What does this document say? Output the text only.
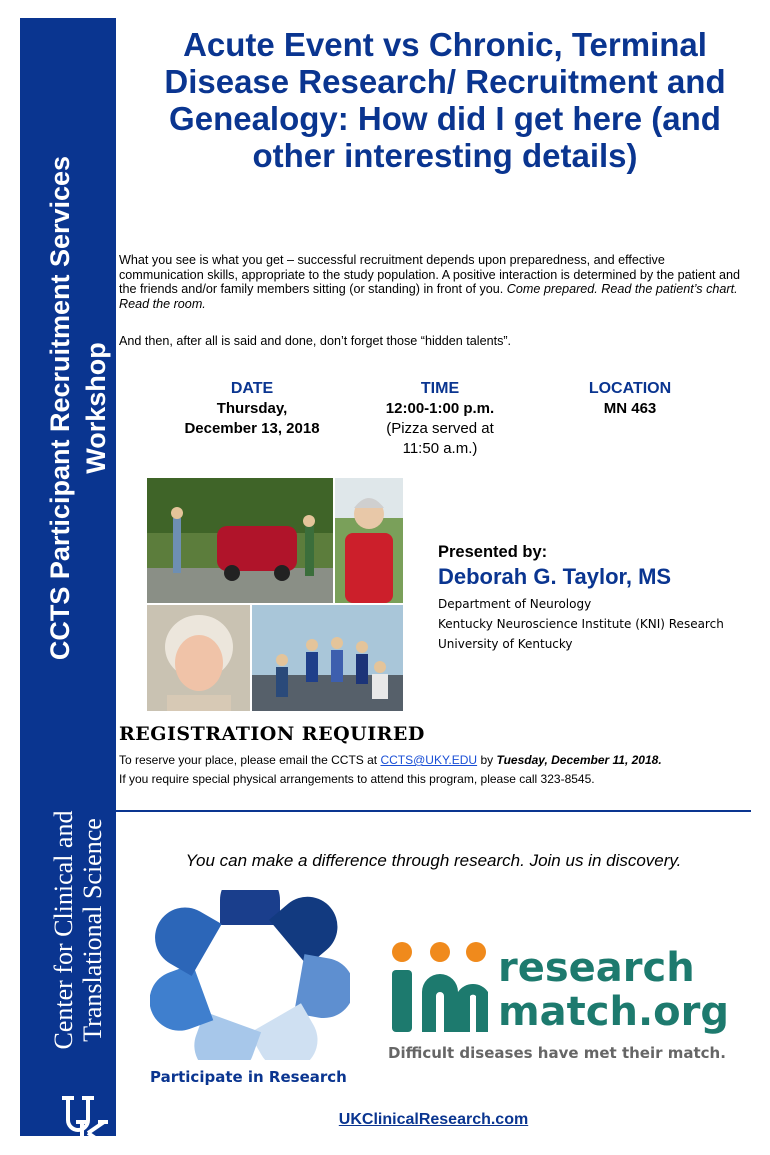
CCTS Participant Recruitment Services Workshop
Center for Clinical and Translational Science
Acute Event vs Chronic, Terminal Disease Research/ Recruitment and Genealogy: How did I get here (and other interesting details)

What you see is what you get – successful recruitment depends upon preparedness, and effective communication skills, appropriate to the study population. A positive interaction is determined by the patient and the friends and/or family members sitting (or standing) in front of you. Come prepared. Read the patient’s chart. Read the room.

And then, after all is said and done, don’t forget those “hidden talents”.

DATE
Thursday,
December 13, 2018
TIME
12:00-1:00 p.m.
(Pizza served at
11:50 a.m.)
LOCATION
MN 463
Presented by:
Deborah G. Taylor, MS
Department of Neurology
Kentucky Neuroscience Institute (KNI) Research
University of Kentucky
REGISTRATION REQUIRED

To reserve your place, please email the CCTS at CCTS@UKY.EDU by Tuesday, December 11, 2018.

If you require special physical arrangements to attend this program, please call 323-8545.

You can make a difference through research. Join us in discovery.

Participate in Research
research
match.org
Difficult diseases have met their match.
UKClinicalResearch.com
